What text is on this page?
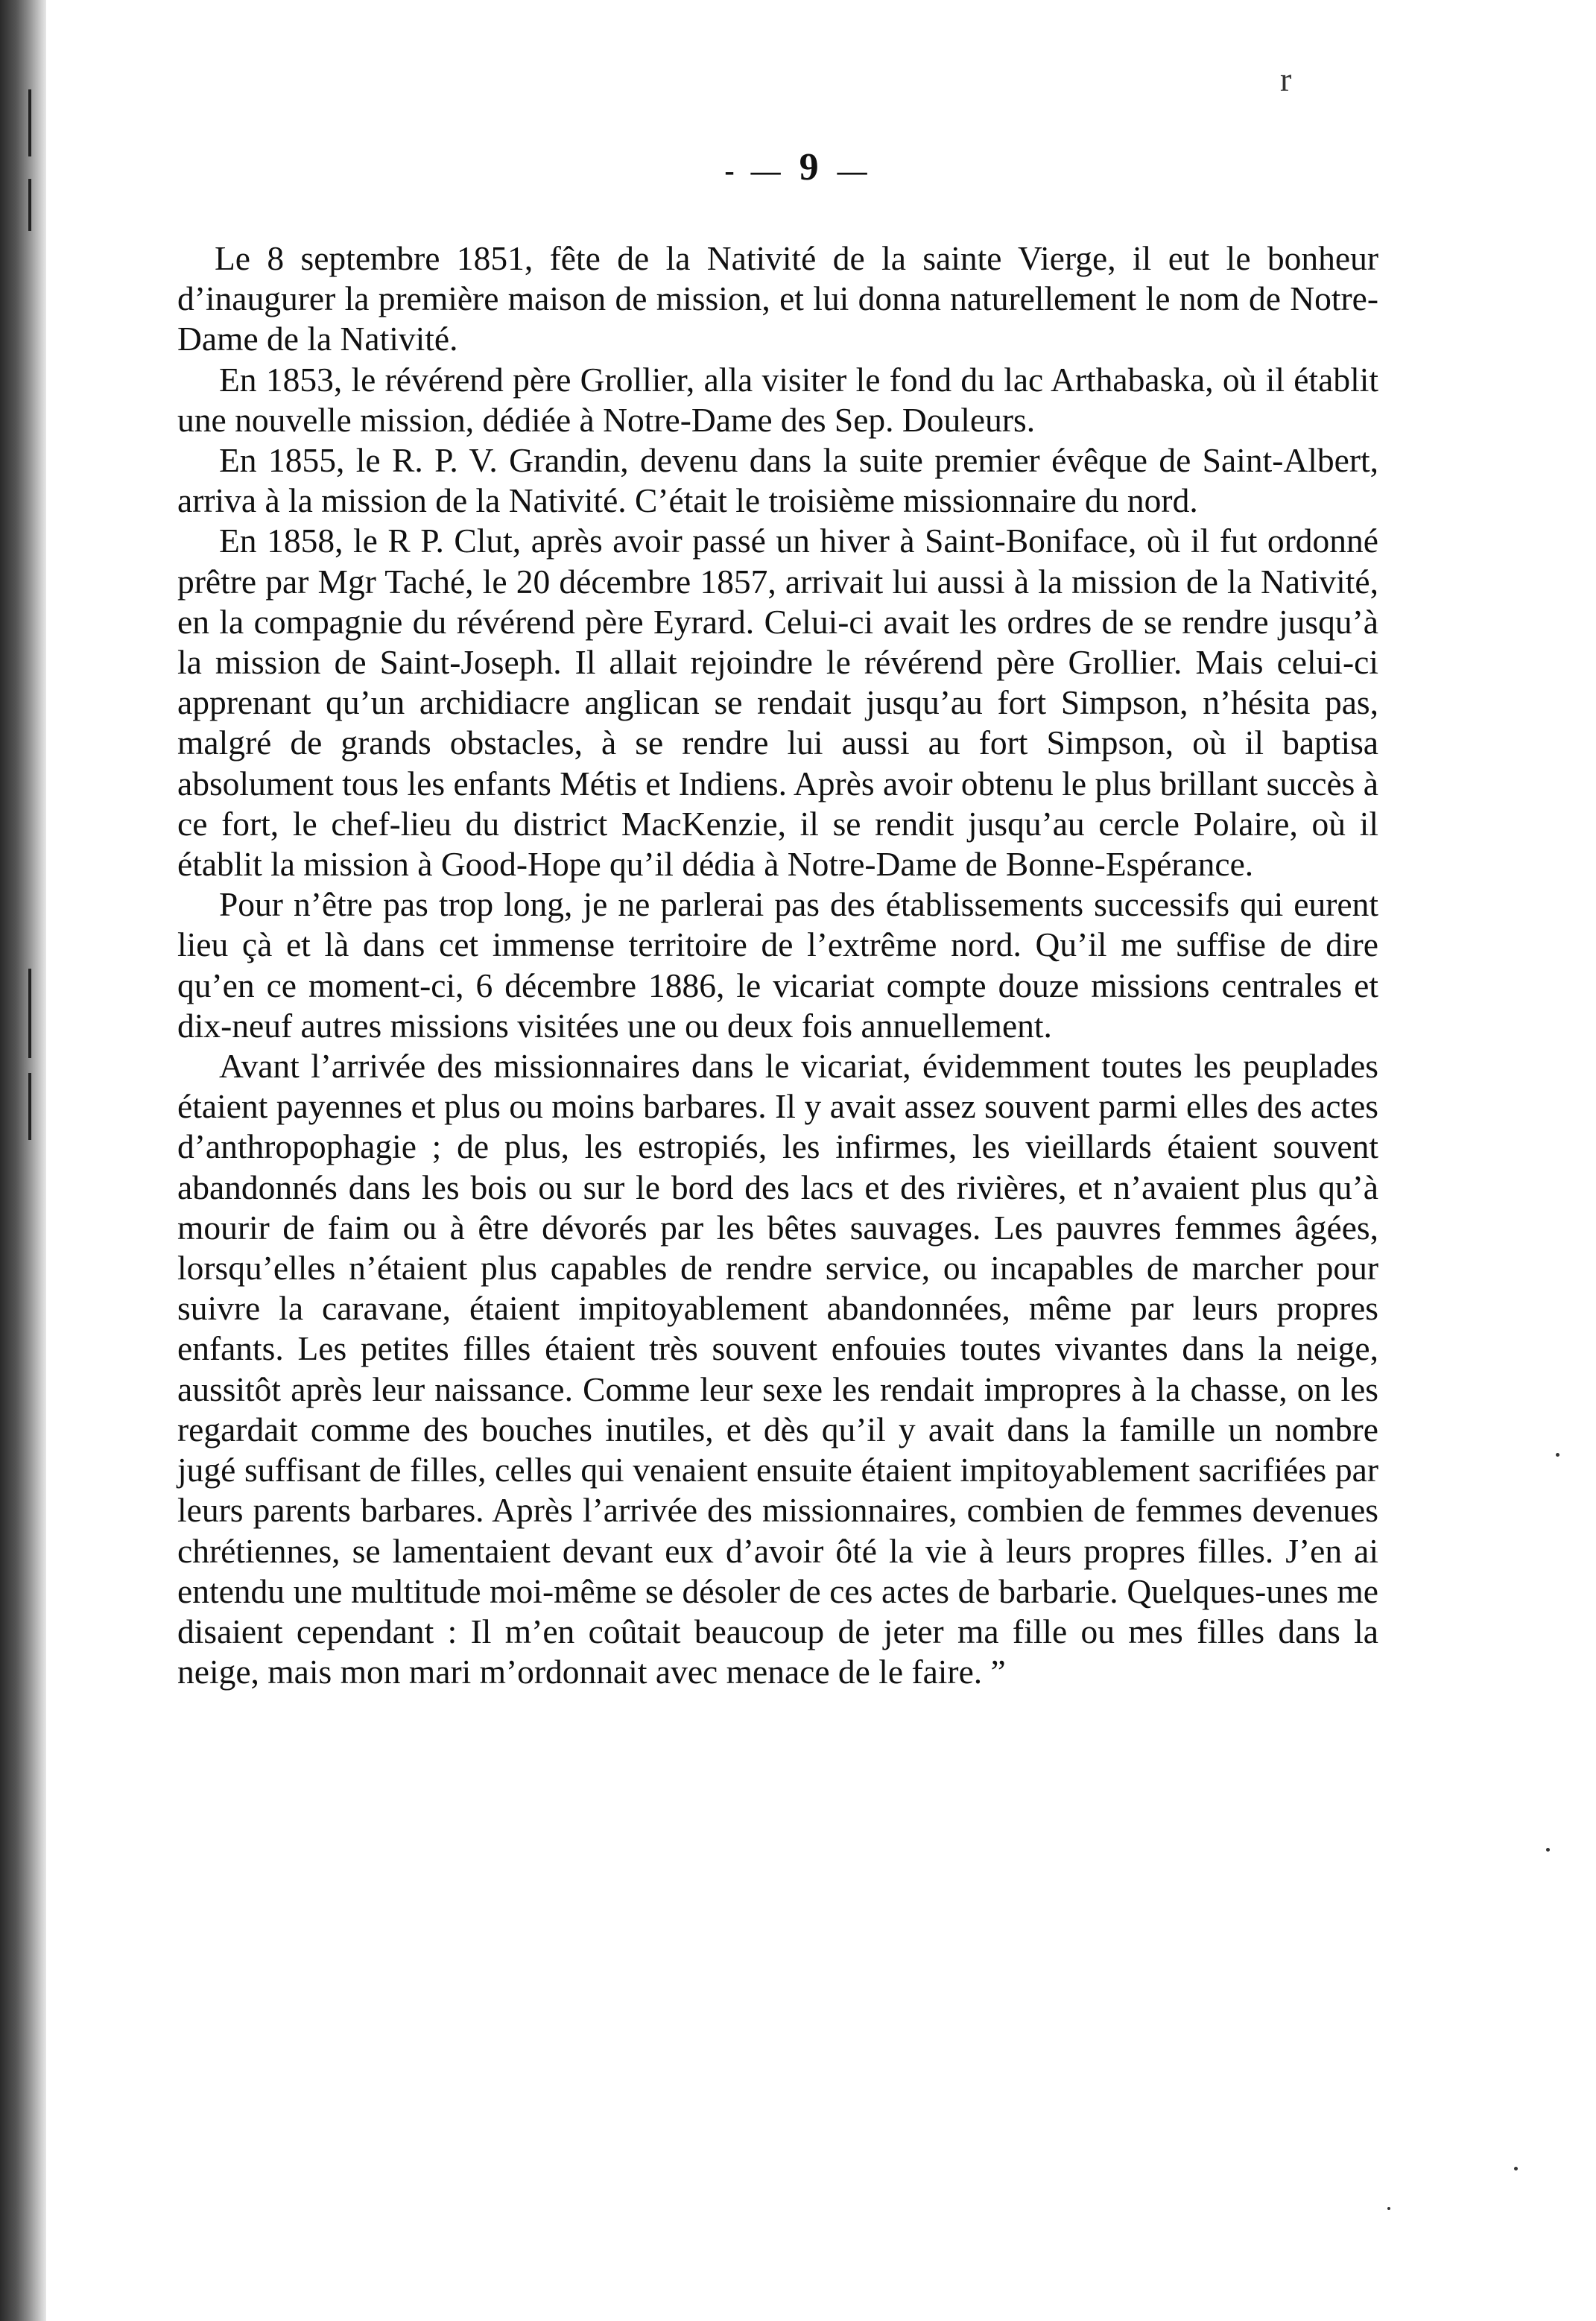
r
- — 9 —

Le 8 septembre 1851, fête de la Nativité de la sainte Vierge, il eut le bonheur d’inaugurer la première maison de mission, et lui donna naturellement le nom de Notre-Dame de la Nativité.

En 1853, le révérend père Grollier, alla visiter le fond du lac Arthabaska, où il établit une nouvelle mission, dédiée à Notre-Dame des Sep. Douleurs.

En 1855, le R. P. V. Grandin, devenu dans la suite premier évêque de Saint-Albert, arriva à la mission de la Nativité. C’était le troisième missionnaire du nord.

En 1858, le R P. Clut, après avoir passé un hiver à Saint-Boniface, où il fut ordonné prêtre par Mgr Taché, le 20 décembre 1857, arrivait lui aussi à la mission de la Nativité, en la compagnie du révérend père Eyrard. Celui-ci avait les ordres de se rendre jusqu’à la mission de Saint-Joseph. Il allait rejoindre le révérend père Grollier. Mais celui-ci apprenant qu’un archidiacre anglican se rendait jusqu’au fort Simpson, n’hésita pas, malgré de grands obstacles, à se rendre lui aussi au fort Simpson, où il baptisa absolument tous les enfants Métis et Indiens. Après avoir obtenu le plus brillant succès à ce fort, le chef-lieu du district MacKenzie, il se rendit jusqu’au cercle Polaire, où il établit la mission à Good-Hope qu’il dédia à Notre-Dame de Bonne-Espérance.

Pour n’être pas trop long, je ne parlerai pas des établissements successifs qui eurent lieu çà et là dans cet immense territoire de l’extrême nord. Qu’il me suffise de dire qu’en ce moment-ci, 6 décembre 1886, le vicariat compte douze missions centrales et dix-neuf autres missions visitées une ou deux fois annuellement.

Avant l’arrivée des missionnaires dans le vicariat, évidemment toutes les peuplades étaient payennes et plus ou moins barbares. Il y avait assez souvent parmi elles des actes d’anthropophagie ; de plus, les estropiés, les infirmes, les vieillards étaient souvent abandonnés dans les bois ou sur le bord des lacs et des rivières, et n’avaient plus qu’à mourir de faim ou à être dévorés par les bêtes sauvages. Les pauvres femmes âgées, lorsqu’elles n’étaient plus capables de rendre service, ou incapables de marcher pour suivre la caravane, étaient impitoyablement abandonnées, même par leurs propres enfants. Les petites filles étaient très souvent enfouies toutes vivantes dans la neige, aussitôt après leur naissance. Comme leur sexe les rendait impropres à la chasse, on les regardait comme des bouches inutiles, et dès qu’il y avait dans la famille un nombre jugé suffisant de filles, celles qui venaient ensuite étaient impitoyablement sacrifiées par leurs parents barbares. Après l’arrivée des missionnaires, combien de femmes devenues chrétiennes, se lamentaient devant eux d’avoir ôté la vie à leurs propres filles. J’en ai entendu une multitude moi-même se désoler de ces actes de barbarie. Quelques-unes me disaient cependant : Il m’en coûtait beaucoup de jeter ma fille ou mes filles dans la neige, mais mon mari m’ordonnait avec menace de le faire. ”
